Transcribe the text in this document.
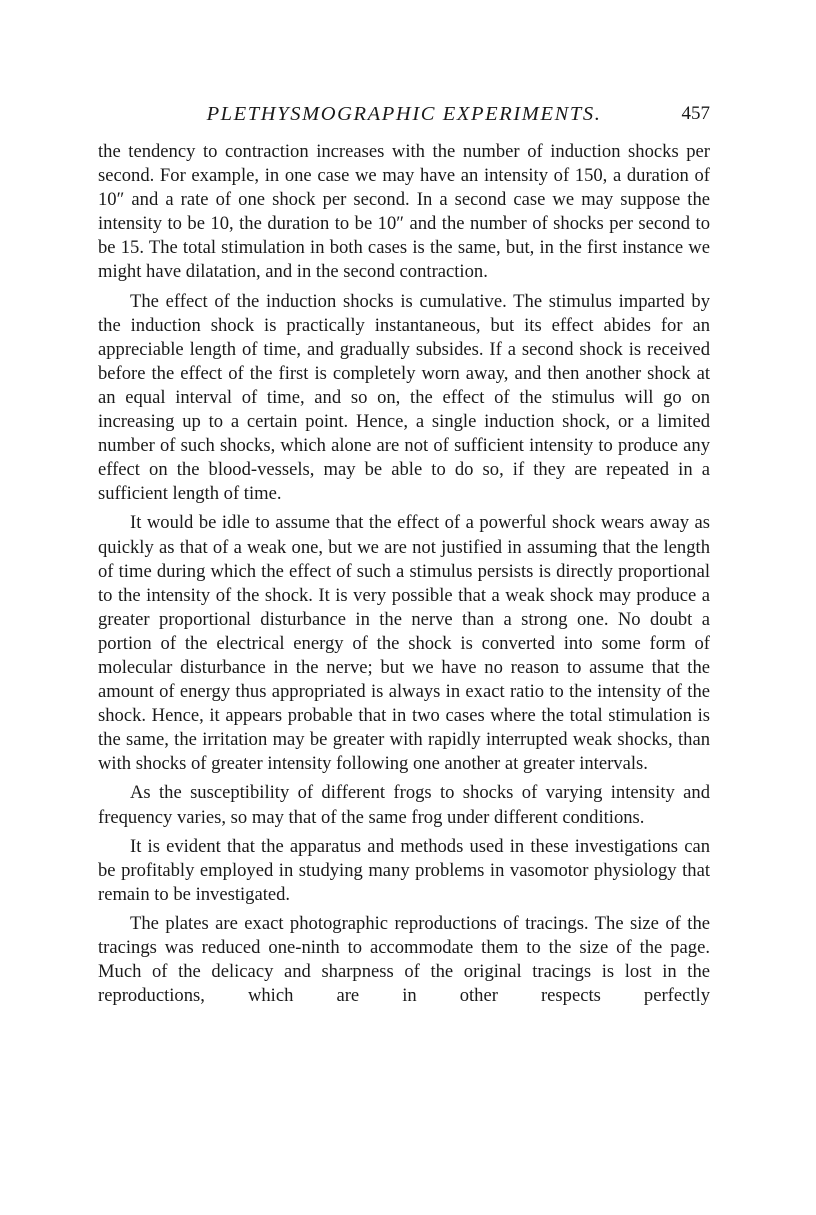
PLETHYSMOGRAPHIC EXPERIMENTS.	457

the tendency to contraction increases with the number of induction shocks per second. For example, in one case we may have an intensity of 150, a duration of 10″ and a rate of one shock per second. In a second case we may suppose the intensity to be 10, the duration to be 10″ and the number of shocks per second to be 15. The total stimulation in both cases is the same, but, in the first instance we might have dilatation, and in the second contraction.

The effect of the induction shocks is cumulative. The stimulus imparted by the induction shock is practically instantaneous, but its effect abides for an appreciable length of time, and gradually subsides. If a second shock is received before the effect of the first is completely worn away, and then another shock at an equal interval of time, and so on, the effect of the stimulus will go on increasing up to a certain point. Hence, a single induction shock, or a limited number of such shocks, which alone are not of sufficient intensity to produce any effect on the blood-vessels, may be able to do so, if they are repeated in a sufficient length of time.

It would be idle to assume that the effect of a powerful shock wears away as quickly as that of a weak one, but we are not justified in assuming that the length of time during which the effect of such a stimulus persists is directly proportional to the intensity of the shock. It is very possible that a weak shock may produce a greater proportional disturbance in the nerve than a strong one. No doubt a portion of the electrical energy of the shock is converted into some form of molecular disturbance in the nerve; but we have no reason to assume that the amount of energy thus appropriated is always in exact ratio to the intensity of the shock. Hence, it appears probable that in two cases where the total stimulation is the same, the irritation may be greater with rapidly interrupted weak shocks, than with shocks of greater intensity following one another at greater intervals.

As the susceptibility of different frogs to shocks of varying intensity and frequency varies, so may that of the same frog under different conditions.

It is evident that the apparatus and methods used in these investigations can be profitably employed in studying many problems in vasomotor physiology that remain to be investigated.

The plates are exact photographic reproductions of tracings. The size of the tracings was reduced one-ninth to accommodate them to the size of the page. Much of the delicacy and sharpness of the original tracings is lost in the reproductions, which are in other respects perfectly
